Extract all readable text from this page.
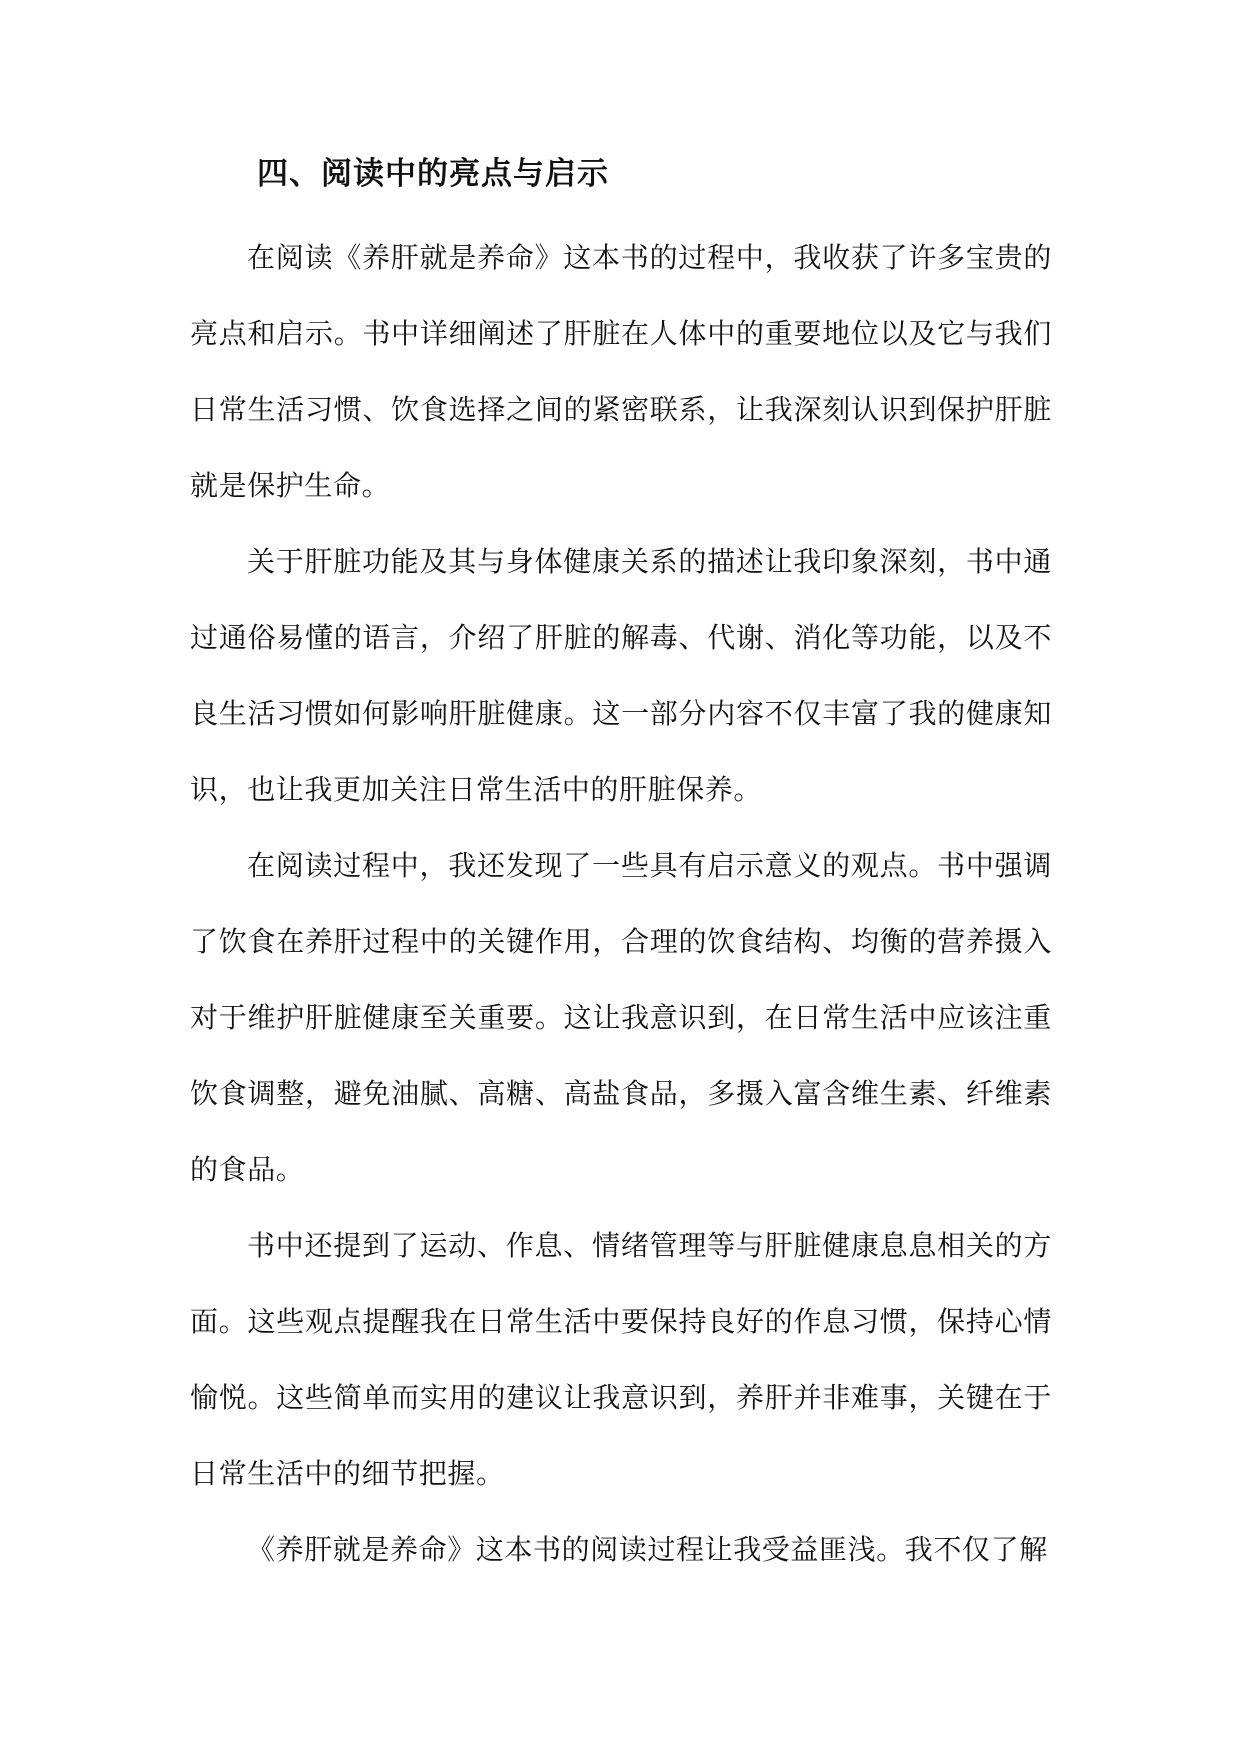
四、阅读中的亮点与启示

在阅读《养肝就是养命》这本书的过程中，我收获了许多宝贵的亮点和启示。书中详细阐述了肝脏在人体中的重要地位以及它与我们日常生活习惯、饮食选择之间的紧密联系，让我深刻认识到保护肝脏就是保护生命。

关于肝脏功能及其与身体健康关系的描述让我印象深刻，书中通过通俗易懂的语言，介绍了肝脏的解毒、代谢、消化等功能，以及不良生活习惯如何影响肝脏健康。这一部分内容不仅丰富了我的健康知识，也让我更加关注日常生活中的肝脏保养。

在阅读过程中，我还发现了一些具有启示意义的观点。书中强调了饮食在养肝过程中的关键作用，合理的饮食结构、均衡的营养摄入对于维护肝脏健康至关重要。这让我意识到，在日常生活中应该注重饮食调整，避免油腻、高糖、高盐食品，多摄入富含维生素、纤维素的食品。

书中还提到了运动、作息、情绪管理等与肝脏健康息息相关的方面。这些观点提醒我在日常生活中要保持良好的作息习惯，保持心情愉悦。这些简单而实用的建议让我意识到，养肝并非难事，关键在于日常生活中的细节把握。

《养肝就是养命》这本书的阅读过程让我受益匪浅。我不仅了解
